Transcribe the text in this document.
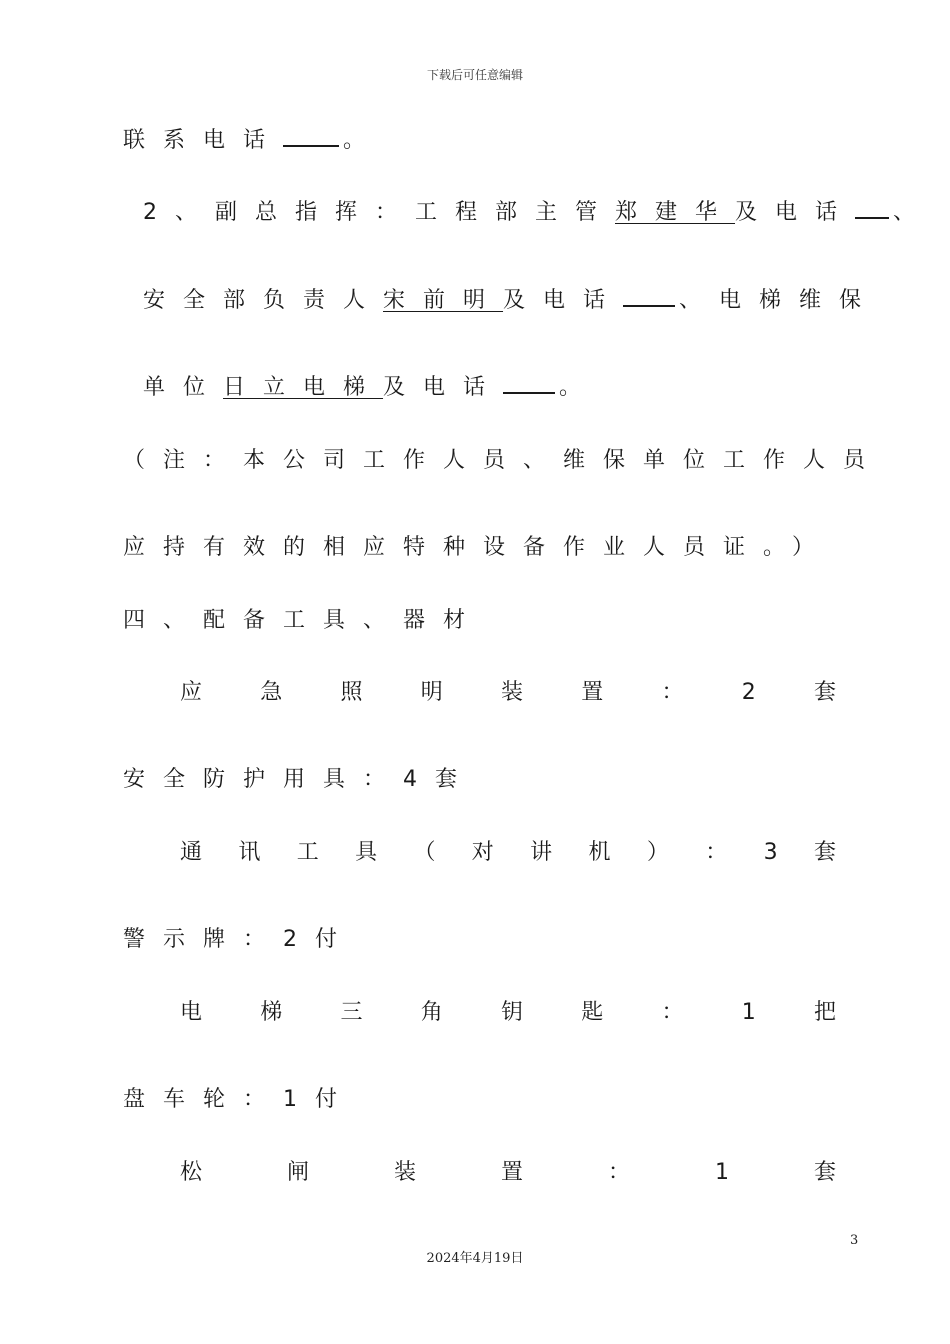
下载后可任意编辑
联系电话	。
2、副总指挥：工程部主管郑建华及电话 、
安全部负责人宋前明及电话	、电梯维保
单位日立电梯及电话	。
（注：本公司工作人员、维保单位工作人员
应持有效的相应特种设备作业人员证。）
四、配备工具、器材
应	急	照	明	装	置	：	2	套
安全防护用具：4套
通 讯 工 具 （ 对 讲 机 ） ： 3 套
警示牌：2付
电	梯	三	角	钥	匙	：	1	把
盘车轮：1付
松	闸	装	置	：	1	套
3
2024年4月19日
